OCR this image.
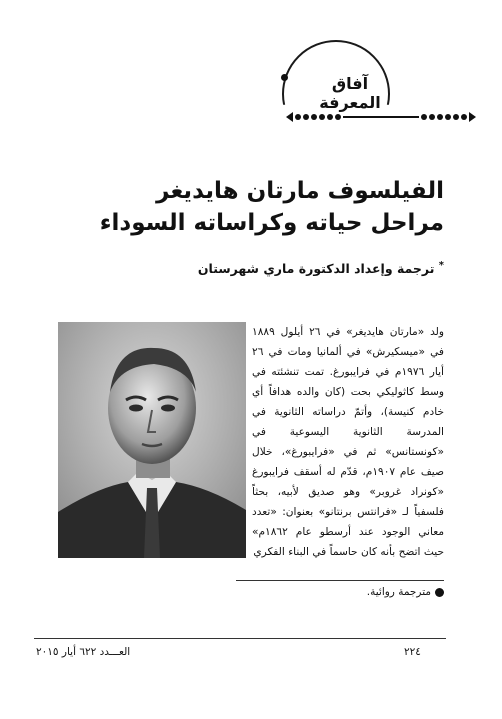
آفاق المعرفة
الفيلسوف مارتان هايديغر
مراحل حياته وكراساته السوداء
* ترجمة وإعداد الدكتورة ماري شهرستان
ولد «مارتان هايديغر» في ٢٦ أيلول ١٨٨٩ في «ميسكيرش» في ألمانيا ومات في ٢٦ أيار ١٩٧٦م في فرايبورغ. تمت تنشئته في وسط كاثوليكي بحت (كان والده هدافاً أي خادم كنيسة)، وأتمّ دراساته الثانوية في المدرسة الثانوية اليسوعية في «كونستانس» ثم في «فرايبورغ»، خلال صيف عام ١٩٠٧م، قدّم له أسقف فرايبورغ «كونراد غروبر» وهو صديق لأبيه، بحثاً فلسفياً لـ «فرانتس برنتانو» بعنوان: «تعدد معاني الوجود عند أرسطو عام ١٨٦٢م» حيث اتضح بأنه كان حاسماً في البناء الفكري
مترجمة روائية.
٢٢٤
العـــدد ٦٢٢ أيار ٢٠١٥
